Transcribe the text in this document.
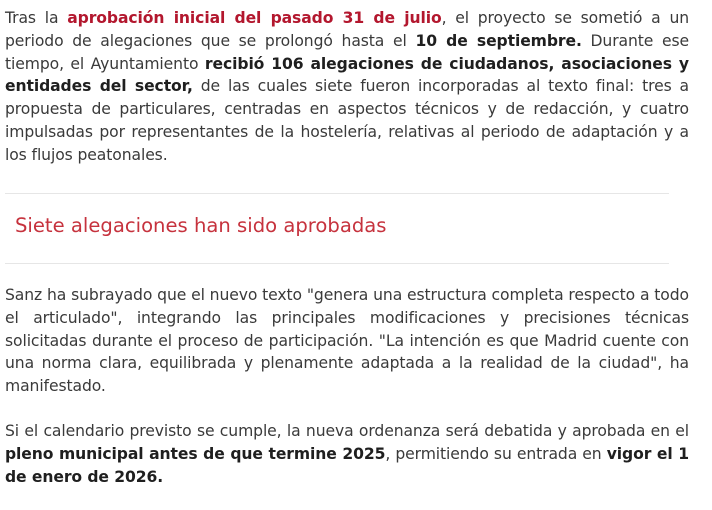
Tras la aprobación inicial del pasado 31 de julio, el proyecto se sometió a un periodo de alegaciones que se prolongó hasta el 10 de septiembre. Durante ese tiempo, el Ayuntamiento recibió 106 alegaciones de ciudadanos, asociaciones y entidades del sector, de las cuales siete fueron incorporadas al texto final: tres a propuesta de particulares, centradas en aspectos técnicos y de redacción, y cuatro impulsadas por representantes de la hostelería, relativas al periodo de adaptación y a los flujos peatonales.

Siete alegaciones han sido aprobadas

Sanz ha subrayado que el nuevo texto "genera una estructura completa respecto a todo el articulado", integrando las principales modificaciones y precisiones técnicas solicitadas durante el proceso de participación. "La intención es que Madrid cuente con una norma clara, equilibrada y plenamente adaptada a la realidad de la ciudad", ha manifestado.

Si el calendario previsto se cumple, la nueva ordenanza será debatida y aprobada en el pleno municipal antes de que termine 2025, permitiendo su entrada en vigor el 1 de enero de 2026.
